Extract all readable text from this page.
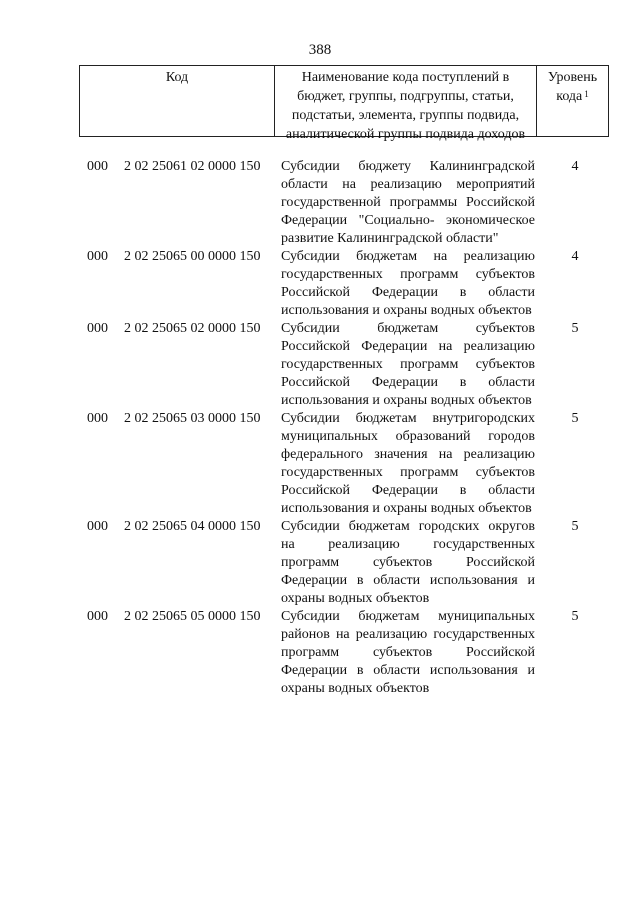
388
Код	Наименование кода поступлений в
бюджет, группы, подгруппы, статьи,
подстатьи, элемента, группы подвида,
аналитической группы подвида доходов
Уровень
кода $^1$
000 2 02 25061 02 0000 150 Субсидии бюджету Калининградской области на реализацию мероприятий государственной программы Российской Федерации "Социально- экономическое развитие Калининградской области"
4
000 2 02 25065 00 0000 150 Субсидии бюджетам на реализацию государственных программ субъектов Российской Федерации в области использования и охраны водных объектов
4
000 2 02 25065 02 0000 150 Субсидии бюджетам субъектов Российской Федерации на реализацию государственных программ субъектов Российской Федерации в области использования и охраны водных объектов
5
000 2 02 25065 03 0000 150 Субсидии бюджетам внутригородских муниципальных образований городов федерального значения на реализацию государственных программ субъектов Российской Федерации в области использования и охраны водных объектов
5
000 2 02 25065 04 0000 150 Субсидии бюджетам городских округов на реализацию государственных программ субъектов Российской Федерации в области использования и охраны водных объектов
5
000 2 02 25065 05 0000 150 Субсидии бюджетам муниципальных районов на реализацию государственных программ субъектов Российской Федерации в области использования и охраны водных объектов
5
